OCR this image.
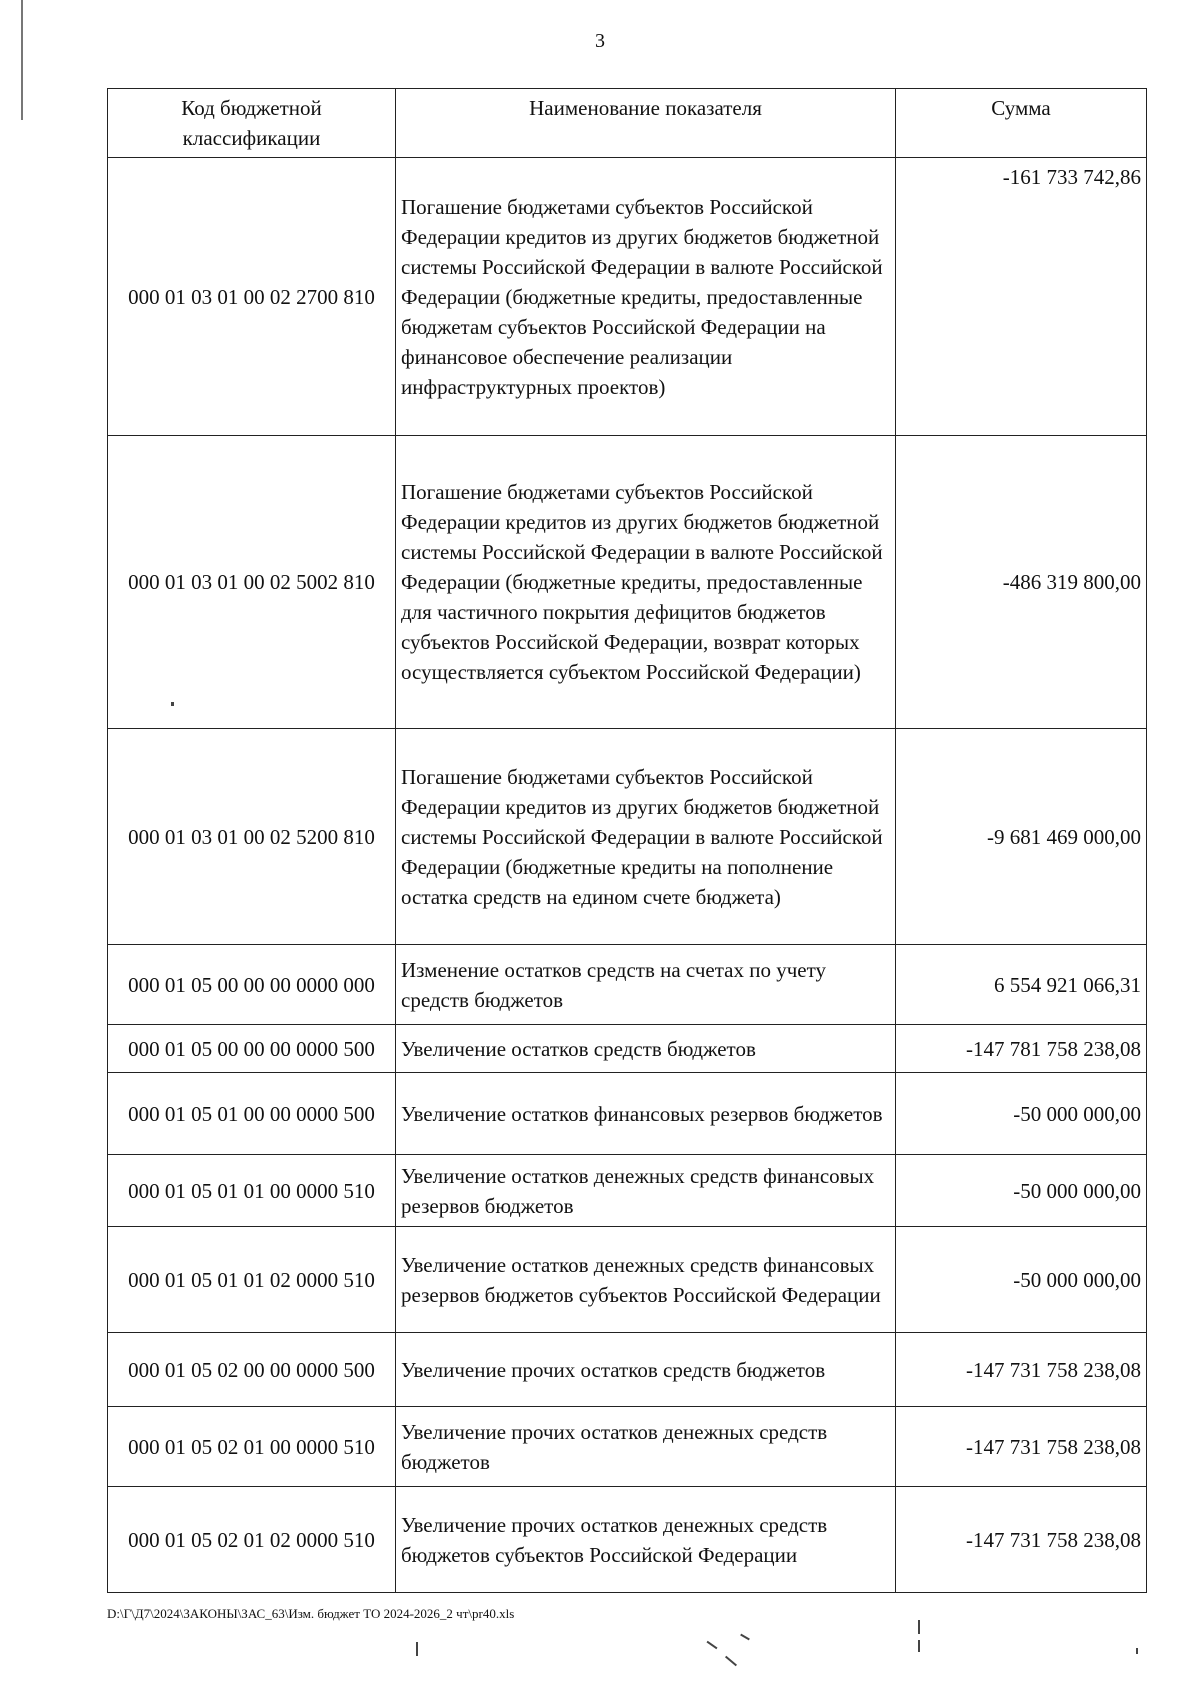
3
Код бюджетной классификации	Наименование показателя	Сумма
000 01 03 01 00 02 2700 810	Погашение бюджетами субъектов Российской Федерации кредитов из других бюджетов бюджетной системы Российской Федерации в валюте Российской Федерации (бюджетные кредиты, предоставленные бюджетам субъектов Российской Федерации на финансовое обеспечение реализации инфраструктурных проектов)	-161 733 742,86
000 01 03 01 00 02 5002 810	Погашение бюджетами субъектов Российской Федерации кредитов из других бюджетов бюджетной системы Российской Федерации в валюте Российской Федерации (бюджетные кредиты, предоставленные для частичного покрытия дефицитов бюджетов субъектов Российской Федерации, возврат которых осуществляется субъектом Российской Федерации)	-486 319 800,00
000 01 03 01 00 02 5200 810	Погашение бюджетами субъектов Российской Федерации кредитов из других бюджетов бюджетной системы Российской Федерации в валюте Российской Федерации (бюджетные кредиты на пополнение остатка средств на едином счете бюджета)	-9 681 469 000,00
000 01 05 00 00 00 0000 000	Изменение остатков средств на счетах по учету средств бюджетов	6 554 921 066,31
000 01 05 00 00 00 0000 500	Увеличение остатков средств бюджетов	-147 781 758 238,08
000 01 05 01 00 00 0000 500	Увеличение остатков финансовых резервов бюджетов	-50 000 000,00
000 01 05 01 01 00 0000 510	Увеличение остатков денежных средств финансовых резервов бюджетов	-50 000 000,00
000 01 05 01 01 02 0000 510	Увеличение остатков денежных средств финансовых резервов бюджетов субъектов Российской Федерации	-50 000 000,00
000 01 05 02 00 00 0000 500	Увеличение прочих остатков средств бюджетов	-147 731 758 238,08
000 01 05 02 01 00 0000 510	Увеличение прочих остатков денежных средств бюджетов	-147 731 758 238,08
000 01 05 02 01 02 0000 510	Увеличение прочих остатков денежных средств бюджетов субъектов Российской Федерации	-147 731 758 238,08
D:\Г\Д7\2024\ЗАКОНЫ\ЗАС_63\Изм. бюджет ТО 2024-2026_2 чт\pr40.xls
